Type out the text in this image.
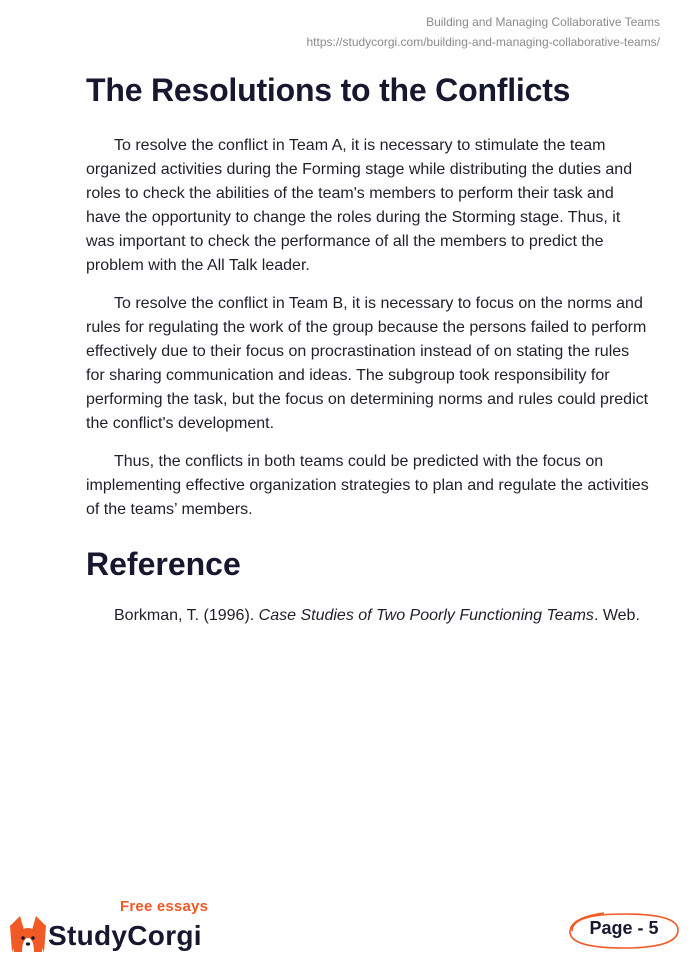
Building and Managing Collaborative Teams
https://studycorgi.com/building-and-managing-collaborative-teams/
The Resolutions to the Conflicts

To resolve the conflict in Team A, it is necessary to stimulate the team organized activities during the Forming stage while distributing the duties and roles to check the abilities of the team's members to perform their task and have the opportunity to change the roles during the Storming stage. Thus, it was important to check the performance of all the members to predict the problem with the All Talk leader.

To resolve the conflict in Team B, it is necessary to focus on the norms and rules for regulating the work of the group because the persons failed to perform effectively due to their focus on procrastination instead of on stating the rules for sharing communication and ideas. The subgroup took responsibility for performing the task, but the focus on determining norms and rules could predict the conflict's development.

Thus, the conflicts in both teams could be predicted with the focus on implementing effective organization strategies to plan and regulate the activities of the teams’ members.

Reference

Borkman, T. (1996). Case Studies of Two Poorly Functioning Teams. Web.

Free essays
StudyCorgi	Page - 5
